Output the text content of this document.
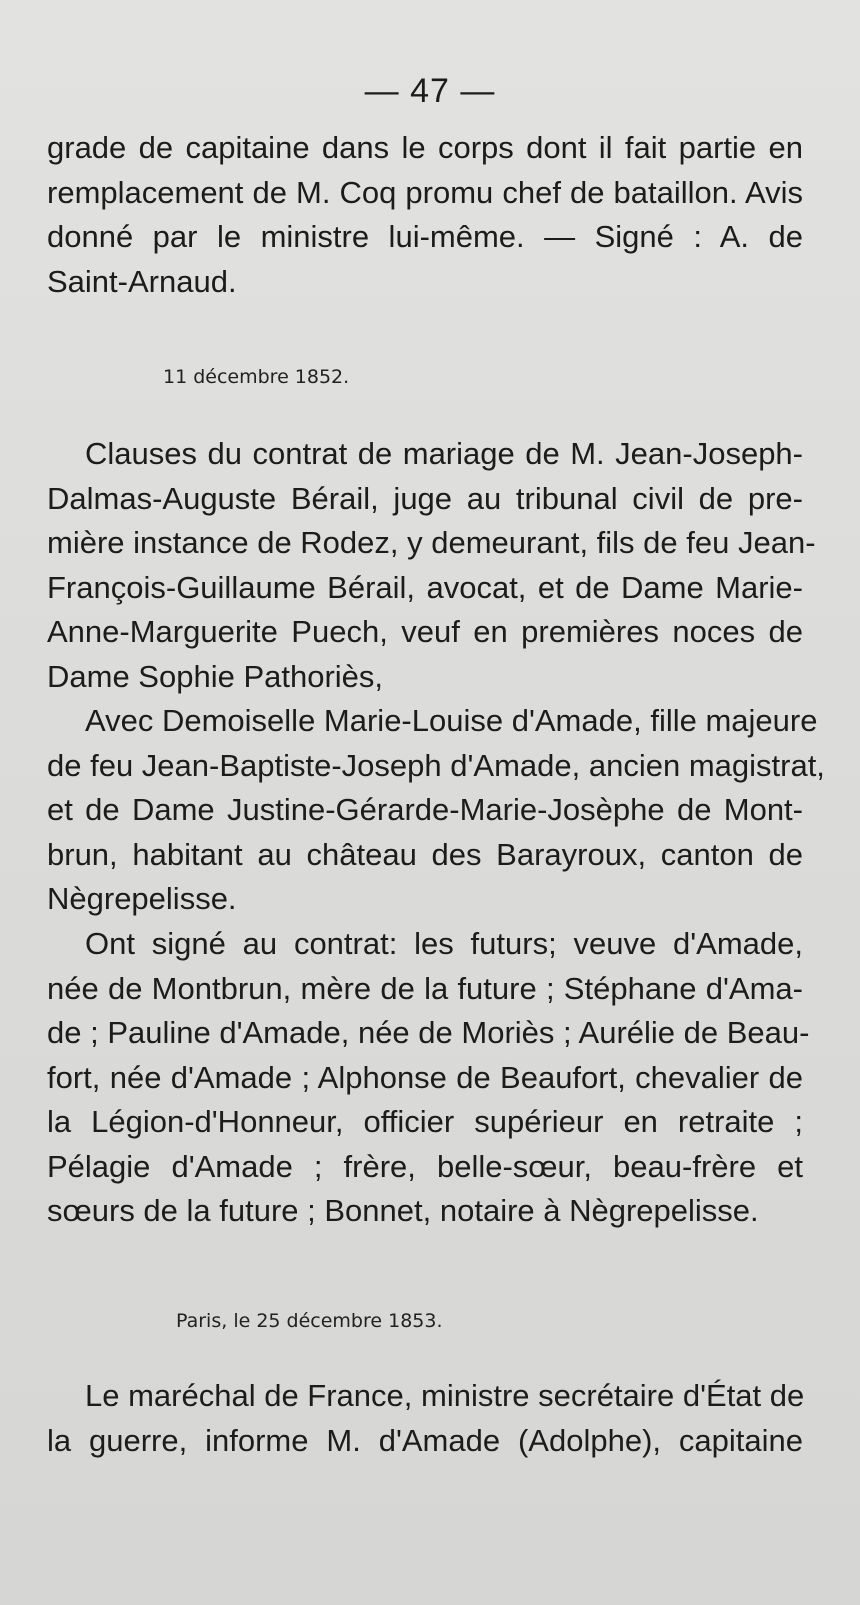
— 47 —
grade de capitaine dans le corps dont il fait partie en
remplacement de M. Coq promu chef de bataillon. Avis
donné par le ministre lui-même. — Signé : A. de
Saint-Arnaud.
11 décembre 1852.
Clauses du contrat de mariage de M. Jean-Joseph-
Dalmas-Auguste Bérail, juge au tribunal civil de pre-
mière instance de Rodez, y demeurant, fils de feu Jean-
François-Guillaume Bérail, avocat, et de Dame Marie-
Anne-Marguerite Puech, veuf en premières noces de
Dame Sophie Pathoriès,
Avec Demoiselle Marie-Louise d'Amade, fille majeure
de feu Jean-Baptiste-Joseph d'Amade, ancien magistrat,
et de Dame Justine-Gérarde-Marie-Josèphe de Mont-
brun, habitant au château des Barayroux, canton de
Nègrepelisse.
Ont signé au contrat: les futurs; veuve d'Amade,
née de Montbrun, mère de la future ; Stéphane d'Ama-
de ; Pauline d'Amade, née de Moriès ; Aurélie de Beau-
fort, née d'Amade ; Alphonse de Beaufort, chevalier de
la Légion-d'Honneur, officier supérieur en retraite ;
Pélagie d'Amade ; frère, belle-sœur, beau-frère et
sœurs de la future ; Bonnet, notaire à Nègrepelisse.
Paris, le 25 décembre 1853.
Le maréchal de France, ministre secrétaire d'État de
la guerre, informe M. d'Amade (Adolphe), capitaine
